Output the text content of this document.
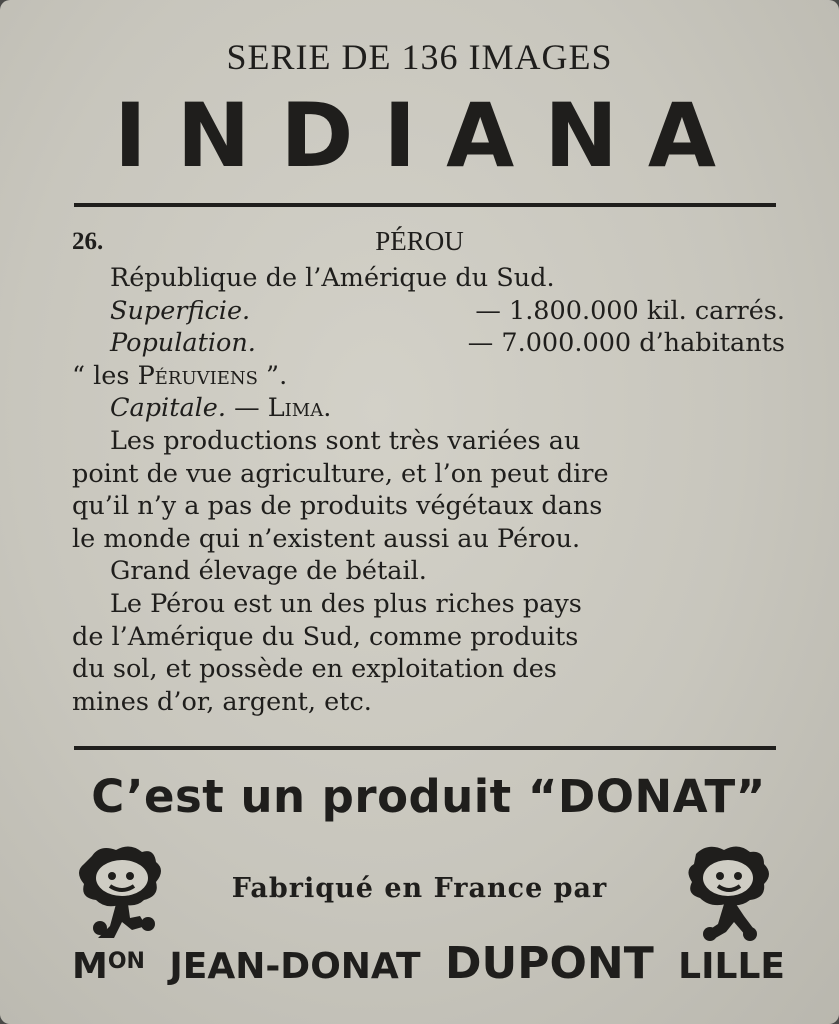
SERIE DE 136 IMAGES
INDIANA
26.	PÉROU
République de l’Amérique du Sud.
Superficie.	— 1.800.000 kil. carrés.
Population.	— 7.000.000 d’habitants
“ les Péruviens ”.
Capitale. — Lima.
Les productions sont très variées au
point de vue agriculture, et l’on peut dire
qu’il n’y a pas de produits végétaux dans
le monde qui n’existent aussi au Pérou.
Grand élevage de bétail.
Le Pérou est un des plus riches pays
de l’Amérique du Sud, comme produits
du sol, et possède en exploitation des
mines d’or, argent, etc.
C’est un produit “DONAT”
Fabriqué en France par
$M^{ON}$ JEAN-DONAT DUPONT LILLE
